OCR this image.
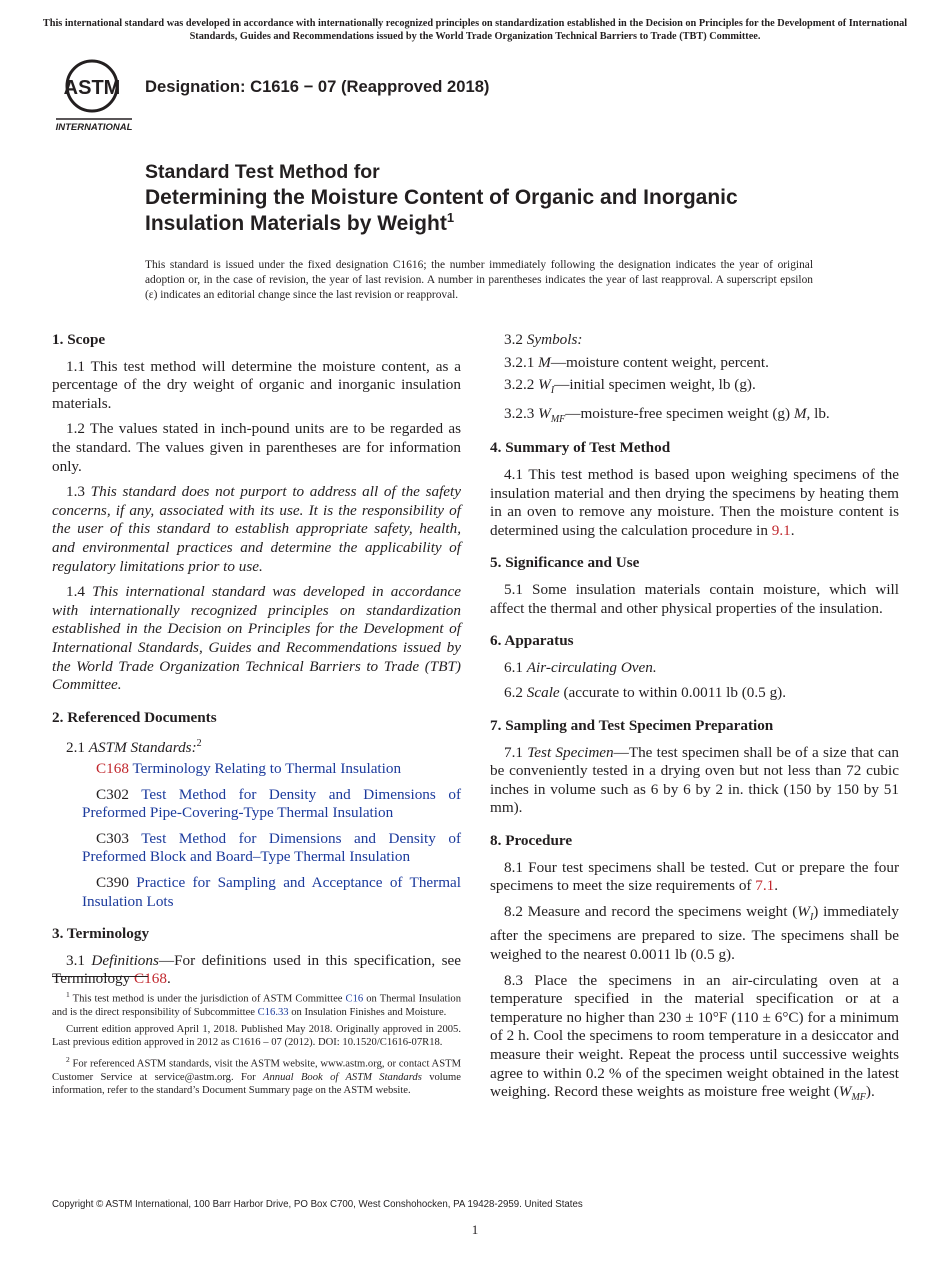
This international standard was developed in accordance with internationally recognized principles on standardization established in the Decision on Principles for the Development of International Standards, Guides and Recommendations issued by the World Trade Organization Technical Barriers to Trade (TBT) Committee.
ASTM
INTERNATIONAL
Designation: C1616 − 07 (Reapproved 2018)
Standard Test Method for
Determining the Moisture Content of Organic and Inorganic
Insulation Materials by Weight$^1$
This standard is issued under the fixed designation C1616; the number immediately following the designation indicates the year of original adoption or, in the case of revision, the year of last revision. A number in parentheses indicates the year of last reapproval. A superscript epsilon (ε) indicates an editorial change since the last revision or reapproval.
1. Scope

1.1 This test method will determine the moisture content, as a percentage of the dry weight of organic and inorganic insulation materials.

1.2 The values stated in inch-pound units are to be regarded as the standard. The values given in parentheses are for information only.

1.3 This standard does not purport to address all of the safety concerns, if any, associated with its use. It is the responsibility of the user of this standard to establish appropriate safety, health, and environmental practices and determine the applicability of regulatory limitations prior to use.

1.4 This international standard was developed in accordance with internationally recognized principles on standardization established in the Decision on Principles for the Development of International Standards, Guides and Recommendations issued by the World Trade Organization Technical Barriers to Trade (TBT) Committee.

2. Referenced Documents

2.1 ASTM Standards:$^2$

C168 Terminology Relating to Thermal Insulation

C302 Test Method for Density and Dimensions of Preformed Pipe-Covering-Type Thermal Insulation

C303 Test Method for Dimensions and Density of Preformed Block and Board–Type Thermal Insulation

C390 Practice for Sampling and Acceptance of Thermal Insulation Lots

3. Terminology

3.1 Definitions—For definitions used in this specification, see Terminology C168.

$^1$ This test method is under the jurisdiction of ASTM Committee C16 on Thermal Insulation and is the direct responsibility of Subcommittee C16.33 on Insulation Finishes and Moisture.

Current edition approved April 1, 2018. Published May 2018. Originally approved in 2005. Last previous edition approved in 2012 as C1616 – 07 (2012). DOI: 10.1520/C1616-07R18.

$^2$ For referenced ASTM standards, visit the ASTM website, www.astm.org, or contact ASTM Customer Service at service@astm.org. For Annual Book of ASTM Standards volume information, refer to the standard’s Document Summary page on the ASTM website.

3.2 Symbols:

3.2.1 M—moisture content weight, percent.

3.2.2 $W_I—initial$ specimen weight, lb (g).

3.2.3 $W_{MF}—moisture$-free specimen weight (g) M, lb.

4. Summary of Test Method

4.1 This test method is based upon weighing specimens of the insulation material and then drying the specimens by heating them in an oven to remove any moisture. Then the moisture content is determined using the calculation procedure in 9.1.

5. Significance and Use

5.1 Some insulation materials contain moisture, which will affect the thermal and other physical properties of the insulation.

6. Apparatus

6.1 Air-circulating Oven.

6.2 Scale (accurate to within 0.0011 lb (0.5 g).

7. Sampling and Test Specimen Preparation

7.1 Test Specimen—The test specimen shall be of a size that can be conveniently tested in a drying oven but not less than 72 cubic inches in volume such as 6 by 6 by 2 in. thick (150 by 150 by 51 mm).

8. Procedure

8.1 Four test specimens shall be tested. Cut or prepare the four specimens to meet the size requirements of 7.1.

8.2 Measure and record the specimens weight $(W_I)$ immediately after the specimens are prepared to size. The specimens shall be weighed to the nearest 0.0011 lb (0.5 g).

8.3 Place the specimens in an air-circulating oven at a temperature specified in the material specification or at a temperature no higher than 230 ± 10°F (110 ± 6°C) for a minimum of 2 h. Cool the specimens to room temperature in a desiccator and measure their weight. Repeat the process until successive weights agree to within 0.2 % of the specimen weight obtained in the latest weighing. Record these weights as moisture free weight $(W_{MF})$.

Copyright © ASTM International, 100 Barr Harbor Drive, PO Box C700, West Conshohocken, PA 19428-2959. United States
1
